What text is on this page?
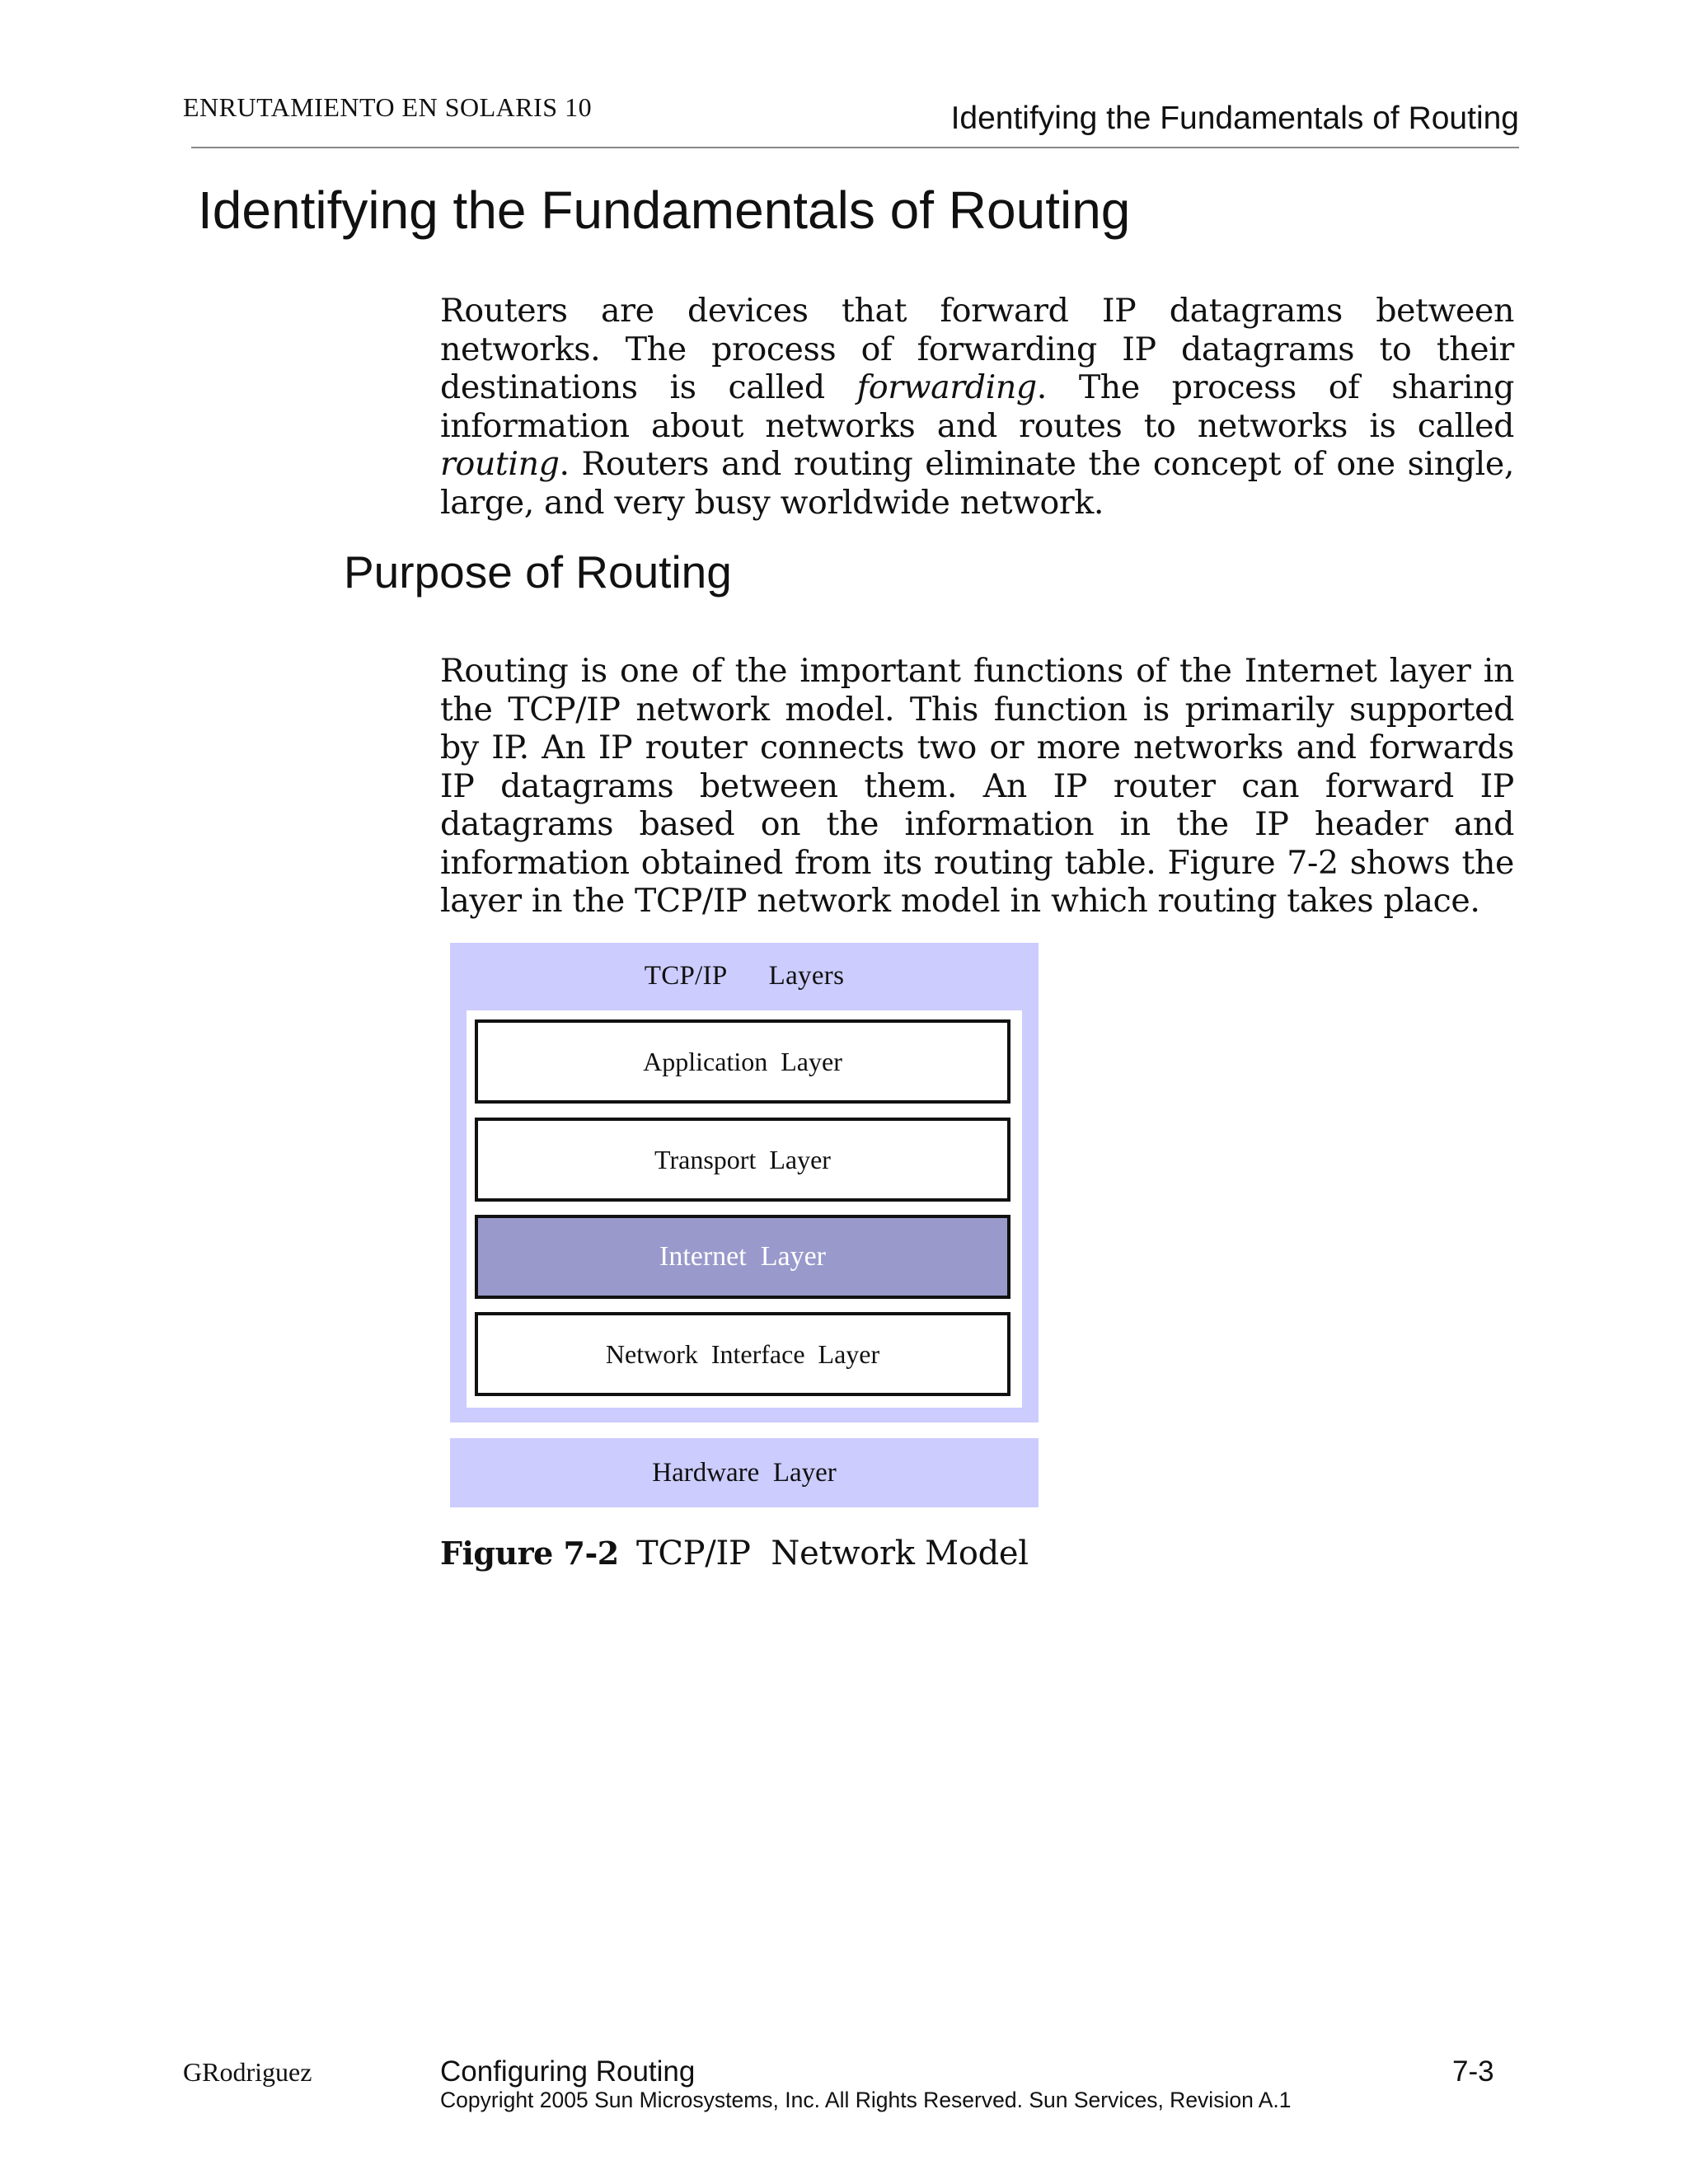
ENRUTAMIENTO EN SOLARIS 10	Identifying the Fundamentals of Routing
Identifying the Fundamentals of Routing

Routers are devices that forward IP datagrams between networks. The process of forwarding IP datagrams to their destinations is called forwarding. The process of sharing information about networks and routes to networks is called routing. Routers and routing eliminate the concept of one single, large, and very busy worldwide network.

Purpose of Routing

Routing is one of the important functions of the Internet layer in the TCP/IP network model. This function is primarily supported by IP. An IP router connects two or more networks and forwards IP datagrams between them. An IP router can forward IP datagrams based on the information in the IP header and information obtained from its routing table. Figure 7-2 shows the layer in the TCP/IP network model in which routing takes place.

TCP/IP      Layers
Application  Layer
Transport  Layer
Internet  Layer
Network  Interface  Layer
Hardware  Layer
Figure 7-2 TCP/IP  Network Model
GRodriguez	Configuring Routing	7-3
Copyright 2005 Sun Microsystems, Inc. All Rights Reserved. Sun Services, Revision A.1
